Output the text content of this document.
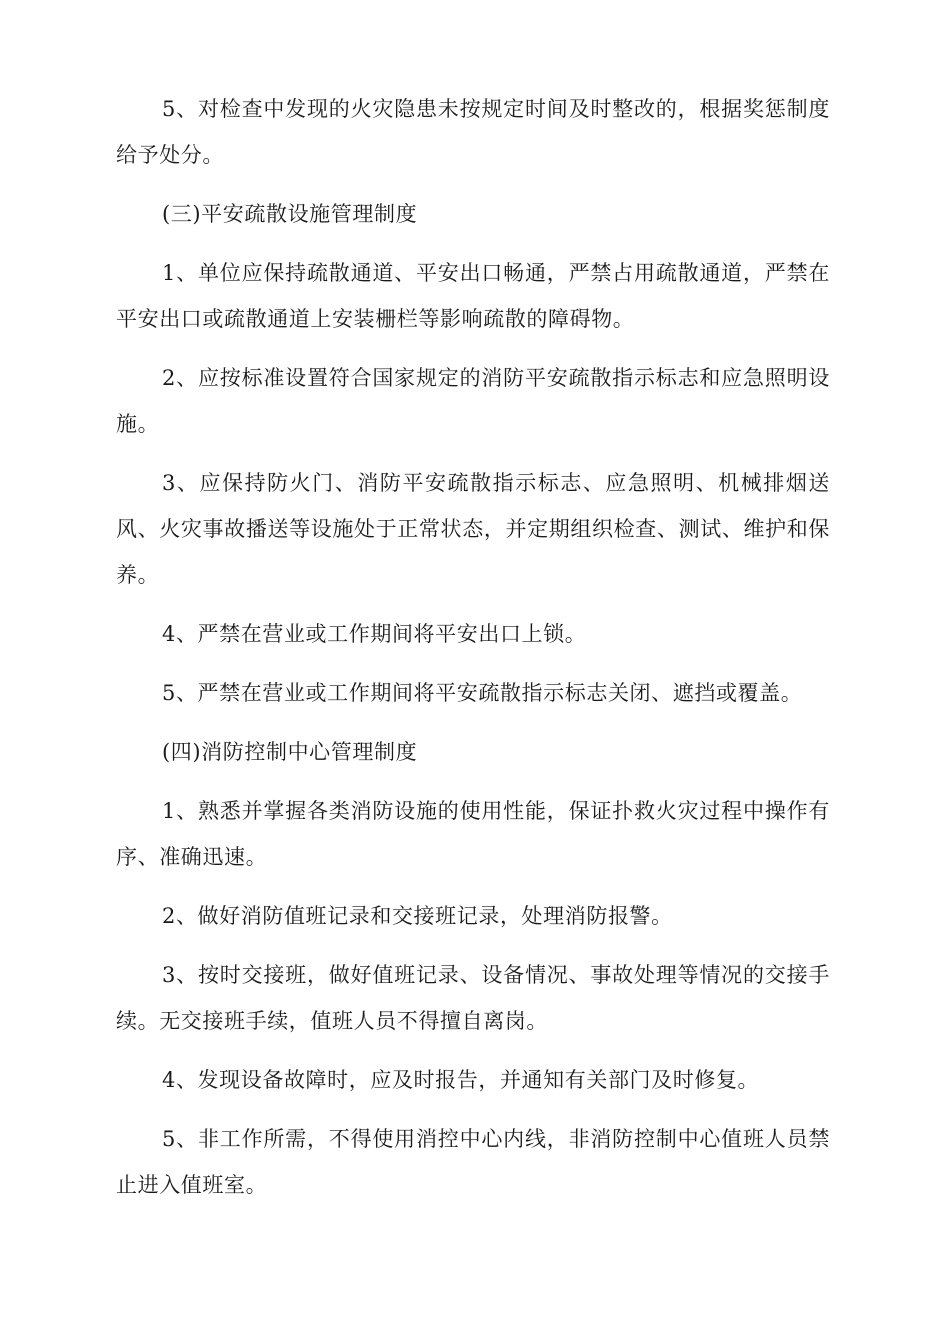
5、对检查中发现的火灾隐患未按规定时间及时整改的，根据奖惩制度给予处分。

(三)平安疏散设施管理制度

1、单位应保持疏散通道、平安出口畅通，严禁占用疏散通道，严禁在平安出口或疏散通道上安装栅栏等影响疏散的障碍物。

2、应按标准设置符合国家规定的消防平安疏散指示标志和应急照明设施。

3、应保持防火门、消防平安疏散指示标志、应急照明、机械排烟送风、火灾事故播送等设施处于正常状态，并定期组织检查、测试、维护和保养。

4、严禁在营业或工作期间将平安出口上锁。

5、严禁在营业或工作期间将平安疏散指示标志关闭、遮挡或覆盖。

(四)消防控制中心管理制度

1、熟悉并掌握各类消防设施的使用性能，保证扑救火灾过程中操作有序、准确迅速。

2、做好消防值班记录和交接班记录，处理消防报警。

3、按时交接班，做好值班记录、设备情况、事故处理等情况的交接手续。无交接班手续，值班人员不得擅自离岗。

4、发现设备故障时，应及时报告，并通知有关部门及时修复。

5、非工作所需，不得使用消控中心内线，非消防控制中心值班人员禁止进入值班室。
